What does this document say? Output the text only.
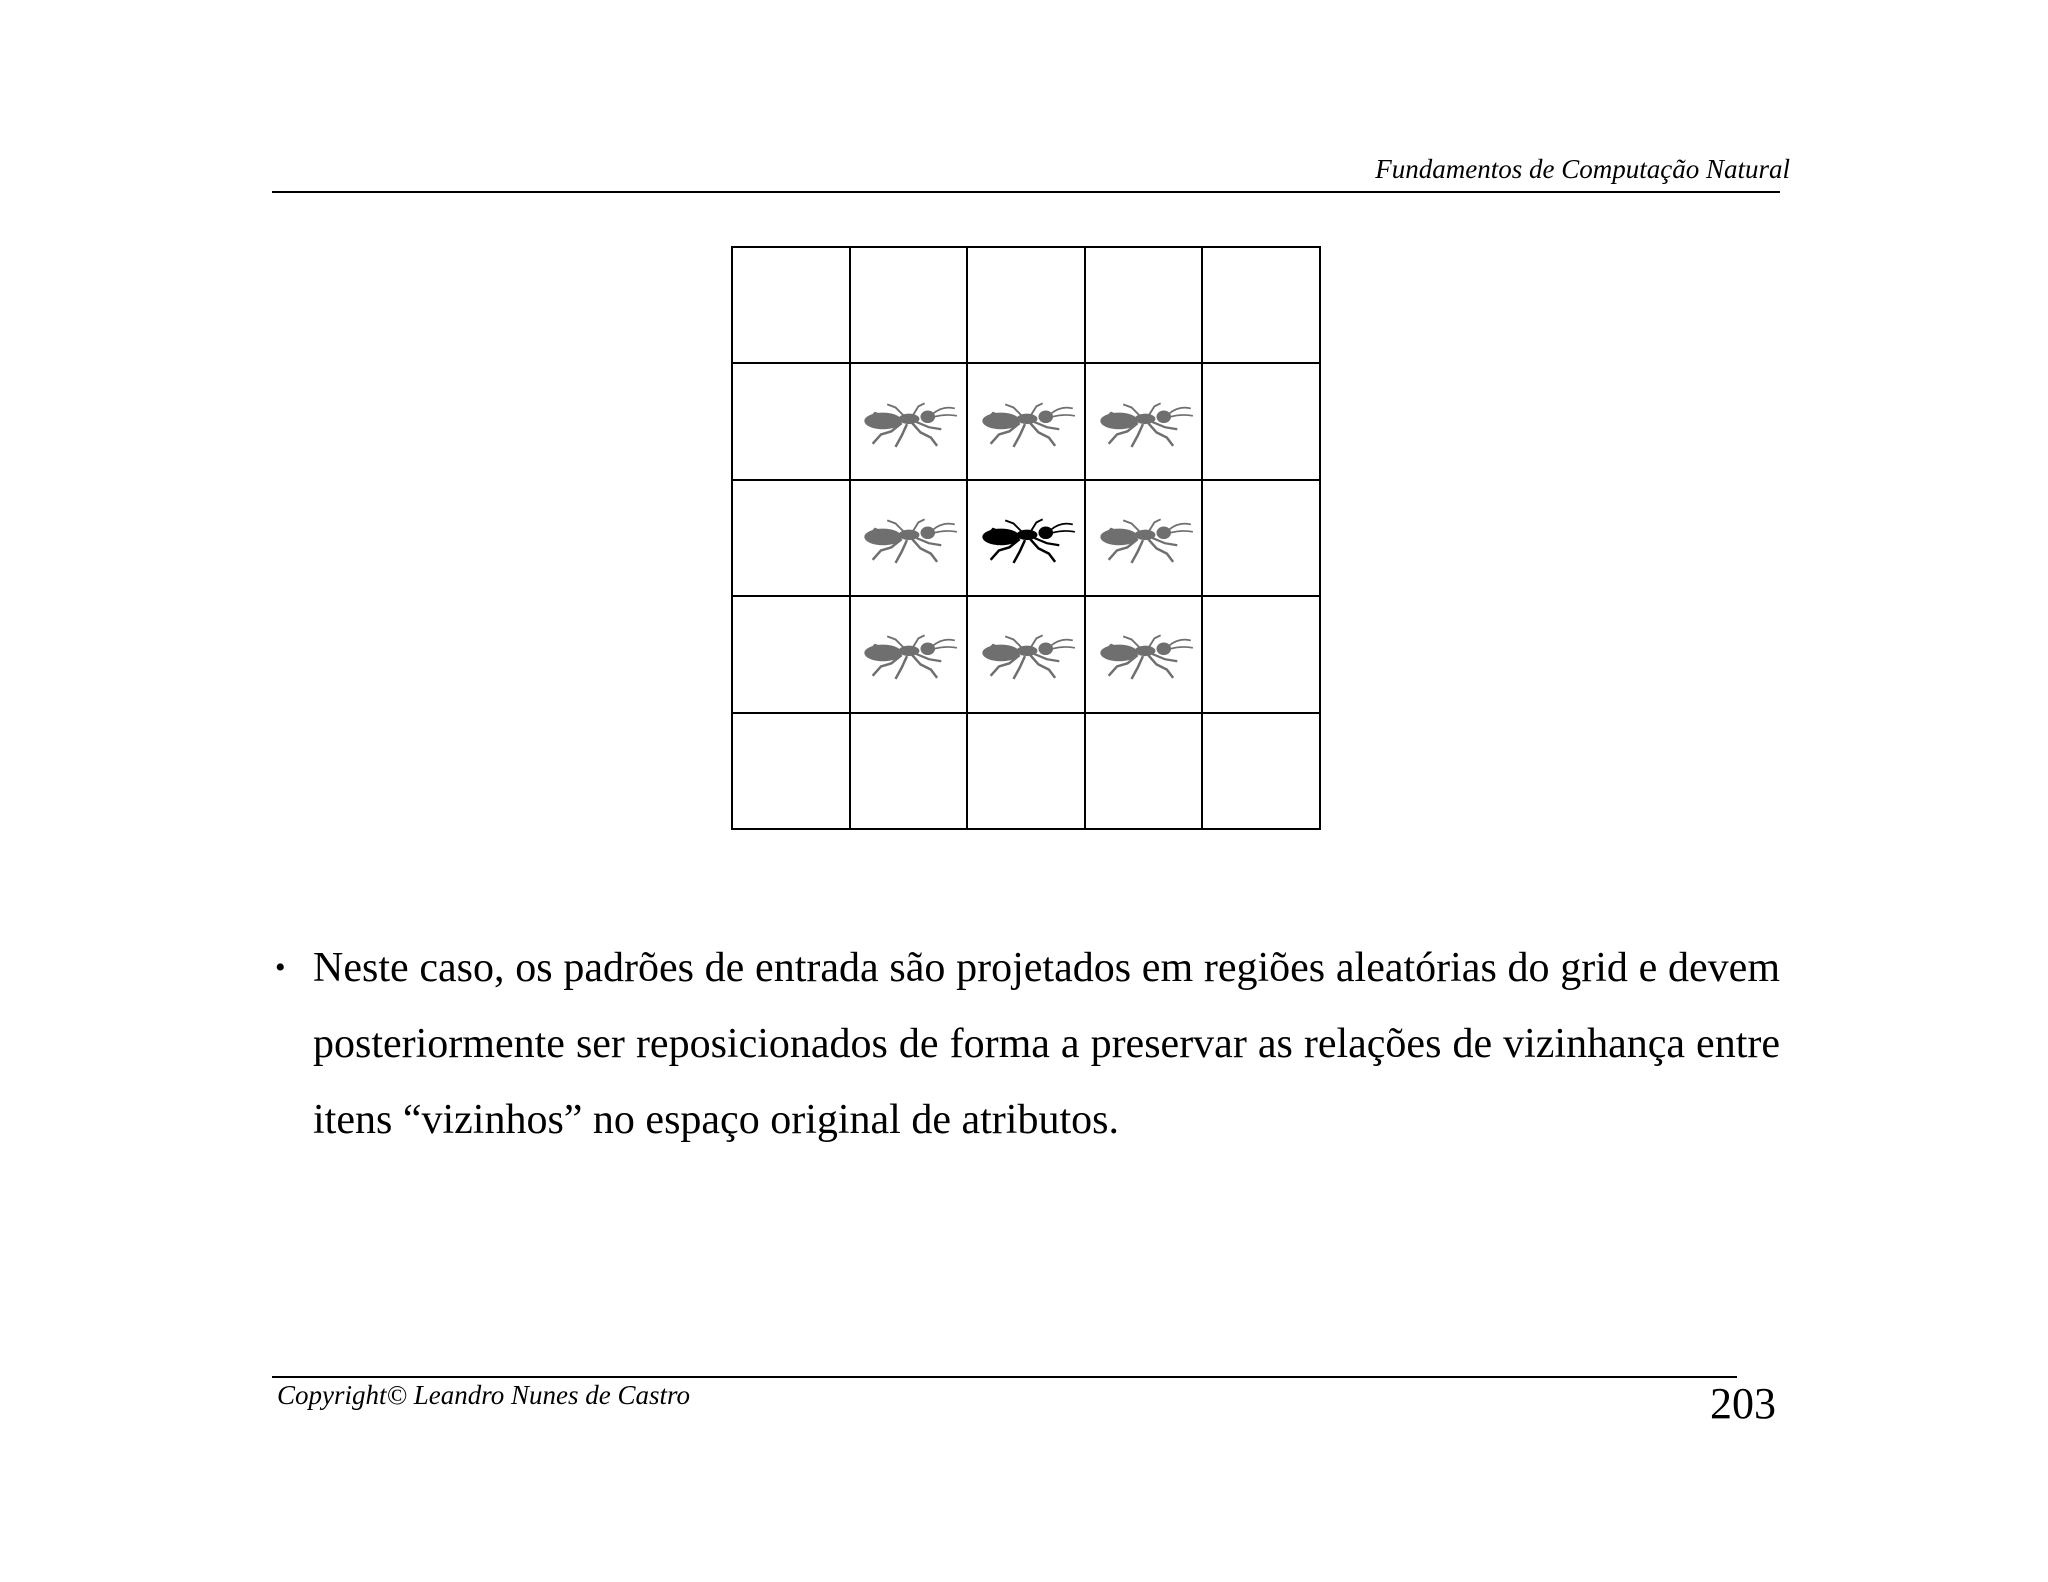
Fundamentos de Computação Natural
• Neste caso, os padrões de entrada são projetados em regiões aleatórias do grid e devem posteriormente ser reposicionados de forma a preservar as relações de vizinhança entre itens “vizinhos” no espaço original de atributos.
Copyright© Leandro Nunes de Castro	203
